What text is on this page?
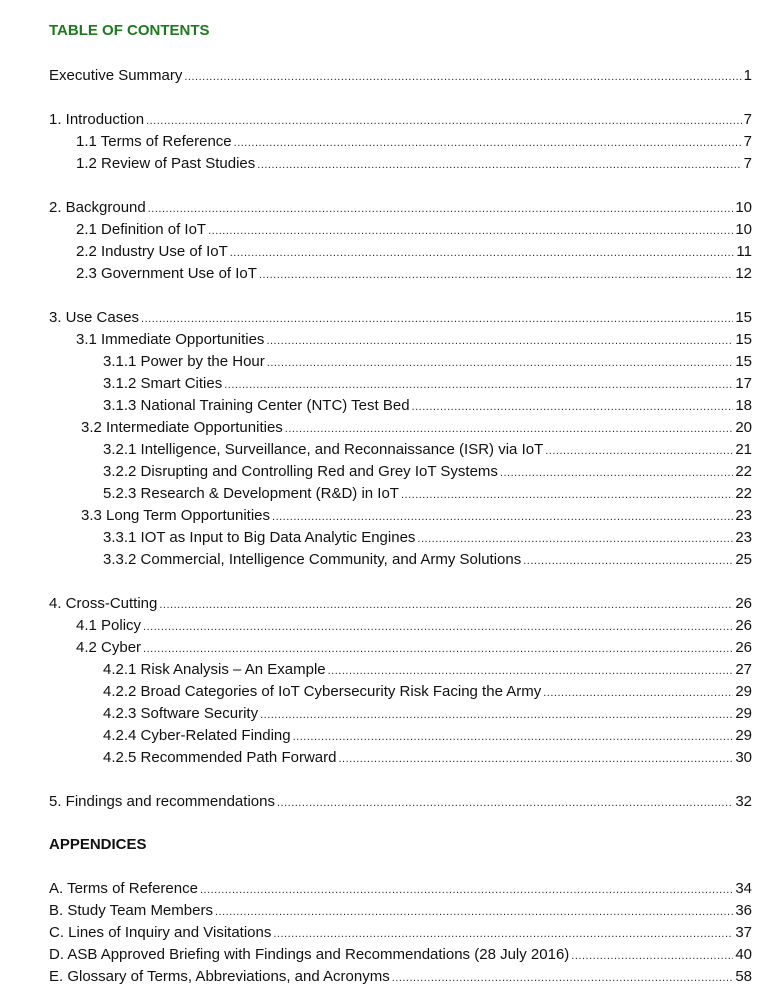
TABLE OF CONTENTS
Executive Summary .....	1
1. Introduction .....	7
1.1 Terms of Reference .....	7
1.2 Review of Past Studies .....	7
2. Background .....	10
2.1 Definition of IoT .....	10
2.2 Industry Use of IoT .....	11
2.3 Government Use of IoT .....	12
3. Use Cases .....	15
3.1 Immediate Opportunities .....	15
3.1.1 Power by the Hour .....	15
3.1.2 Smart Cities .....	17
3.1.3 National Training Center (NTC) Test Bed .....	18
3.2 Intermediate Opportunities .....	20
3.2.1 Intelligence, Surveillance, and Reconnaissance (ISR) via IoT .....	21
3.2.2 Disrupting and Controlling Red and Grey IoT Systems .....	22
5.2.3 Research & Development (R&D) in IoT .....	22
3.3 Long Term Opportunities .....	23
3.3.1 IOT as Input to Big Data Analytic Engines .....	23
3.3.2 Commercial, Intelligence Community, and Army Solutions .....	25
4. Cross-Cutting .....	26
4.1 Policy .....	26
4.2 Cyber .....	26
4.2.1 Risk Analysis – An Example .....	27
4.2.2 Broad Categories of IoT Cybersecurity Risk Facing the Army .....	29
4.2.3 Software Security .....	29
4.2.4 Cyber-Related Finding .....	29
4.2.5 Recommended Path Forward .....	30
5. Findings and recommendations .....	32
APPENDICES
A. Terms of Reference .....	34
B. Study Team Members .....	36
C. Lines of Inquiry and Visitations .....	37
D. ASB Approved Briefing with Findings and Recommendations (28 July 2016) .....	40
E. Glossary of Terms, Abbreviations, and Acronyms .....	58
